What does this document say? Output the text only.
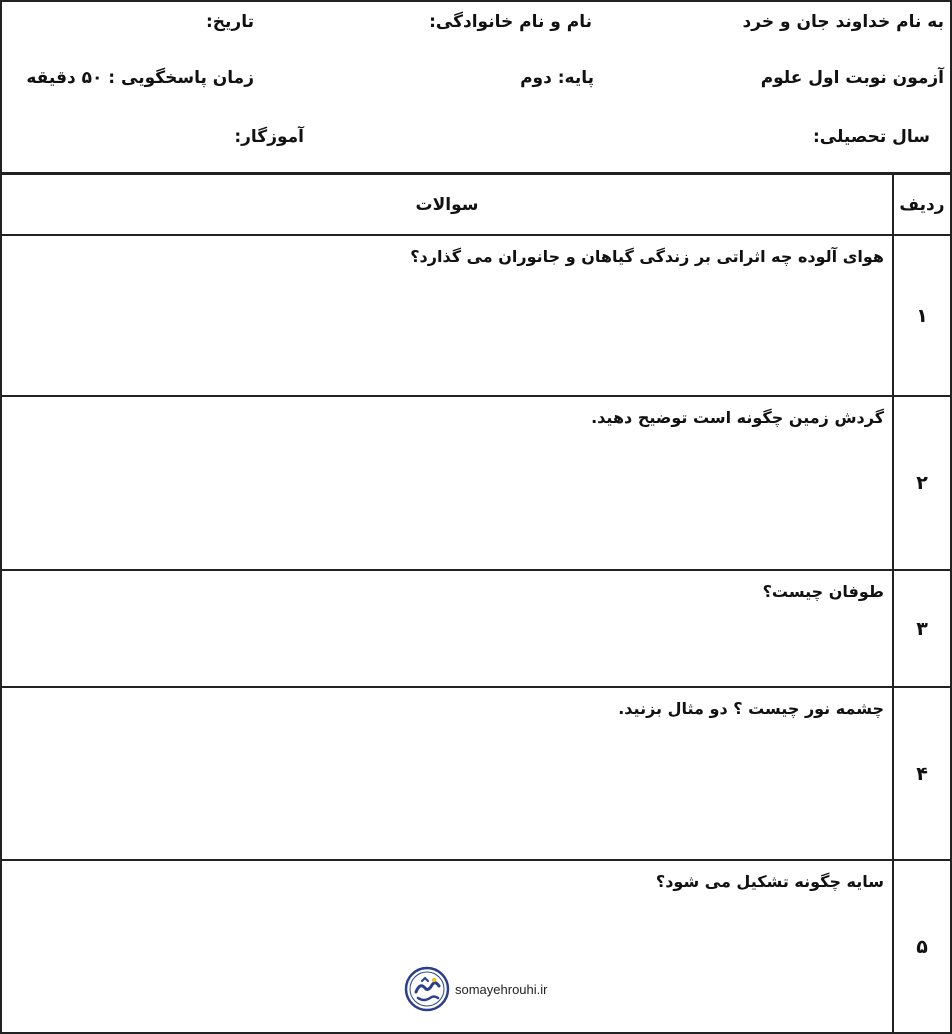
به نام خداوند جان و خرد
نام و نام خانوادگی:
تاریخ:
آزمون نوبت اول علوم
پایه: دوم
زمان پاسخگویی : ۵۰ دقیقه
سال تحصیلی:
آموزگار:
ردیف	سوالات
۱	هوای آلوده چه اثراتی بر زندگی گیاهان و جانوران می گذارد؟

۲	گردش زمین چگونه است توضیح دهید.

۳	طوفان چیست؟

۴	چشمه نور چیست ؟ دو مثال بزنید.

۵	سایه چگونه تشکیل می شود؟
somayehrouhi.ir
